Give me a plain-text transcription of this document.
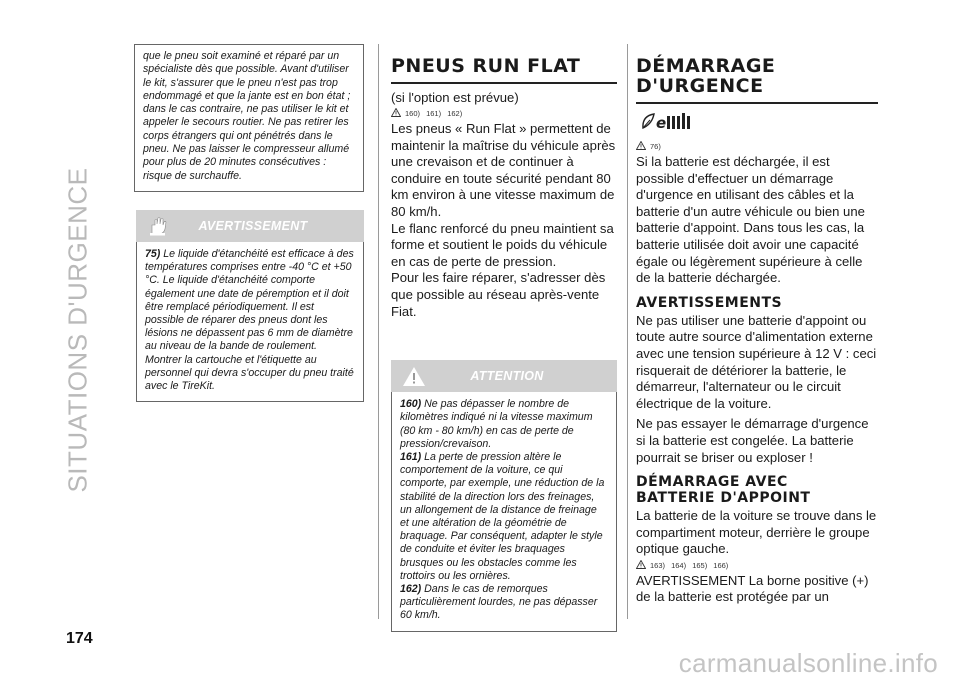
SITUATIONS D'URGENCE
174
carmanualsonline.info
que le pneu soit examiné et réparé par un spécialiste dès que possible. Avant d'utiliser le kit, s'assurer que le pneu n'est pas trop endommagé et que la jante est en bon état ; dans le cas contraire, ne pas utiliser le kit et appeler le secours routier. Ne pas retirer les corps étrangers qui ont pénétrés dans le pneu. Ne pas laisser le compresseur allumé pour plus de 20 minutes consécutives : risque de surchauffe.
AVERTISSEMENT

75) Le liquide d'étanchéité est efficace à des températures comprises entre -40 °C et +50 °C. Le liquide d'étanchéité comporte également une date de péremption et il doit être remplacé périodiquement. Il est possible de réparer des pneus dont les lésions ne dépassent pas 6 mm de diamètre au niveau de la bande de roulement. Montrer la cartouche et l'étiquette au personnel qui devra s'occuper du pneu traité avec le TireKit.

PNEUS RUN FLAT

(si l'option est prévue)

160) 161) 162)

Les pneus « Run Flat » permettent de maintenir la maîtrise du véhicule après une crevaison et de continuer à conduire en toute sécurité pendant 80 km environ à une vitesse maximum de 80 km/h.

Le flanc renforcé du pneu maintient sa forme et soutient le poids du véhicule en cas de perte de pression.

Pour les faire réparer, s'adresser dès que possible au réseau après-vente Fiat.

ATTENTION

160) Ne pas dépasser le nombre de kilomètres indiqué ni la vitesse maximum (80 km - 80 km/h) en cas de perte de pression/crevaison.

161) La perte de pression altère le comportement de la voiture, ce qui comporte, par exemple, une réduction de la stabilité de la direction lors des freinages, un allongement de la distance de freinage et une altération de la géométrie de braquage. Par conséquent, adapter le style de conduite et éviter les braquages brusques ou les obstacles comme les trottoirs ou les ornières.

162) Dans le cas de remorques particulièrement lourdes, ne pas dépasser 60 km/h.

DÉMARRAGE
D'URGENCE
e
76)

Si la batterie est déchargée, il est possible d'effectuer un démarrage d'urgence en utilisant des câbles et la batterie d'un autre véhicule ou bien une batterie d'appoint. Dans tous les cas, la batterie utilisée doit avoir une capacité égale ou légèrement supérieure à celle de la batterie déchargée.

AVERTISSEMENTS

Ne pas utiliser une batterie d'appoint ou toute autre source d'alimentation externe avec une tension supérieure à 12 V : ceci risquerait de détériorer la batterie, le démarreur, l'alternateur ou le circuit électrique de la voiture.

Ne pas essayer le démarrage d'urgence si la batterie est congelée. La batterie pourrait se briser ou exploser !

DÉMARRAGE AVEC
BATTERIE D'APPOINT

La batterie de la voiture se trouve dans le compartiment moteur, derrière le groupe optique gauche.

163) 164) 165) 166)

AVERTISSEMENT La borne positive (+) de la batterie est protégée par un
